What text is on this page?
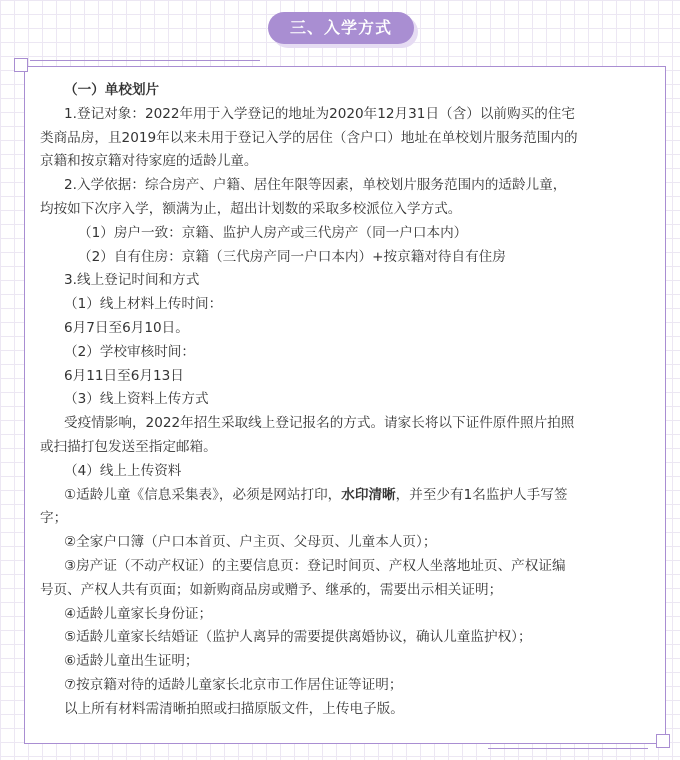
三、入学方式
（一）单校划片
1.登记对象：2022年用于入学登记的地址为2020年12月31日（含）以前购买的住宅
类商品房，且2019年以来未用于登记入学的居住（含户口）地址在单校划片服务范围内的
京籍和按京籍对待家庭的适龄儿童。
2.入学依据：综合房产、户籍、居住年限等因素，单校划片服务范围内的适龄儿童，
均按如下次序入学，额满为止，超出计划数的采取多校派位入学方式。
（1）房户一致：京籍、监护人房产或三代房产（同一户口本内）
（2）自有住房：京籍（三代房产同一户口本内）+按京籍对待自有住房
3.线上登记时间和方式
（1）线上材料上传时间：
6月7日至6月10日。
（2）学校审核时间：
6月11日至6月13日
（3）线上资料上传方式
受疫情影响，2022年招生采取线上登记报名的方式。请家长将以下证件原件照片拍照
或扫描打包发送至指定邮箱。
（4）线上上传资料
①适龄儿童《信息采集表》，必须是网站打印，水印清晰，并至少有1名监护人手写签
字；
②全家户口簿（户口本首页、户主页、父母页、儿童本人页）；
③房产证（不动产权证）的主要信息页：登记时间页、产权人坐落地址页、产权证编
号页、产权人共有页面；如新购商品房或赠予、继承的，需要出示相关证明；
④适龄儿童家长身份证；
⑤适龄儿童家长结婚证（监护人离异的需要提供离婚协议，确认儿童监护权）；
⑥适龄儿童出生证明；
⑦按京籍对待的适龄儿童家长北京市工作居住证等证明；
以上所有材料需清晰拍照或扫描原版文件，上传电子版。
